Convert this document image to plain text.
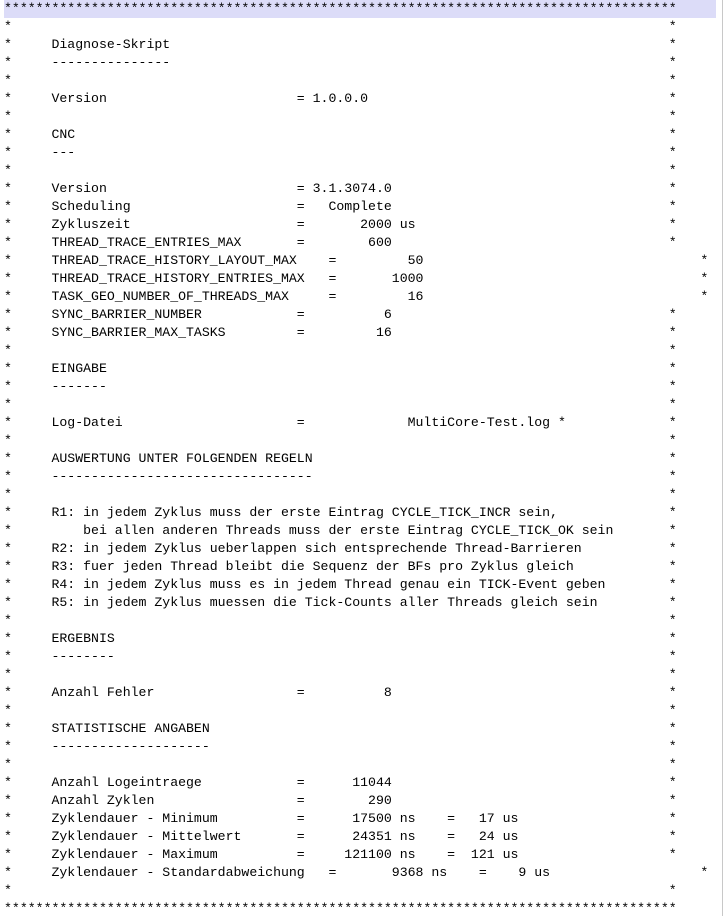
*************************************************************************************
*                                                                                   *
*     Diagnose-Skript                                                               *
*     ---------------                                                               *
*                                                                                   *
*     Version                        = 1.0.0.0                                      *
*                                                                                   *
*     CNC                                                                           *
*     ---                                                                           *
*                                                                                   *
*     Version                        = 3.1.3074.0                                   *
*     Scheduling                     =   Complete                                   *
*     Zykluszeit                     =       2000 us                                *
*     THREAD_TRACE_ENTRIES_MAX       =        600                                   *
*     THREAD_TRACE_HISTORY_LAYOUT_MAX    =         50                                   *
*     THREAD_TRACE_HISTORY_ENTRIES_MAX   =       1000                                   *
*     TASK_GEO_NUMBER_OF_THREADS_MAX     =         16                                   *
*     SYNC_BARRIER_NUMBER            =          6                                   *
*     SYNC_BARRIER_MAX_TASKS         =         16                                   *
*                                                                                   *
*     EINGABE                                                                       *
*     -------                                                                       *
*                                                                                   *
*     Log-Datei                      =             MultiCore-Test.log *             *
*                                                                                   *
*     AUSWERTUNG UNTER FOLGENDEN REGELN                                             *
*     ---------------------------------                                             *
*                                                                                   *
*     R1: in jedem Zyklus muss der erste Eintrag CYCLE_TICK_INCR sein,              *
*         bei allen anderen Threads muss der erste Eintrag CYCLE_TICK_OK sein       *
*     R2: in jedem Zyklus ueberlappen sich entsprechende Thread-Barrieren           *
*     R3: fuer jeden Thread bleibt die Sequenz der BFs pro Zyklus gleich            *
*     R4: in jedem Zyklus muss es in jedem Thread genau ein TICK-Event geben        *
*     R5: in jedem Zyklus muessen die Tick-Counts aller Threads gleich sein         *
*                                                                                   *
*     ERGEBNIS                                                                      *
*     --------                                                                      *
*                                                                                   *
*     Anzahl Fehler                  =          8                                   *
*                                                                                   *
*     STATISTISCHE ANGABEN                                                          *
*     --------------------                                                          *
*                                                                                   *
*     Anzahl Logeintraege            =      11044                                   *
*     Anzahl Zyklen                  =        290                                   *
*     Zyklendauer - Minimum          =      17500 ns    =   17 us                   *
*     Zyklendauer - Mittelwert       =      24351 ns    =   24 us                   *
*     Zyklendauer - Maximum          =     121100 ns    =  121 us                   *
*     Zyklendauer - Standardabweichung   =       9368 ns    =    9 us                   *
*                                                                                   *
*************************************************************************************
